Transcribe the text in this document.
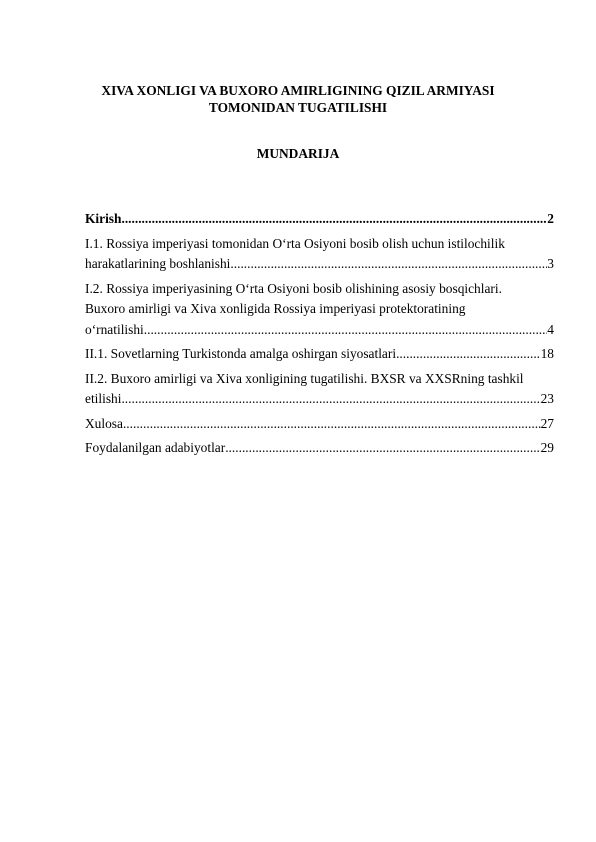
XIVA XONLIGI VA BUXORO AMIRLIGINING QIZIL ARMIYASI
TOMONIDAN TUGATILISHI
MUNDARIJA
Kirish .....	2
I.1. Rossiya imperiyasi tomonidan O‘rta Osiyoni bosib olish uchun istilochilik
harakatlarining boshlanishi .....	3
I.2. Rossiya imperiyasining O‘rta Osiyoni bosib olishining asosiy bosqichlari.
Buxoro amirligi va Xiva xonligida Rossiya imperiyasi protektoratining
o‘rnatilishi .....	4
II.1. Sovetlarning Turkistonda amalga oshirgan siyosatlari .....	18
II.2. Buxoro amirligi va Xiva xonligining tugatilishi. BXSR va XXSRning tashkil
etilishi .....	23
Xulosa .....	27
Foydalanilgan adabiyotlar .....	29
